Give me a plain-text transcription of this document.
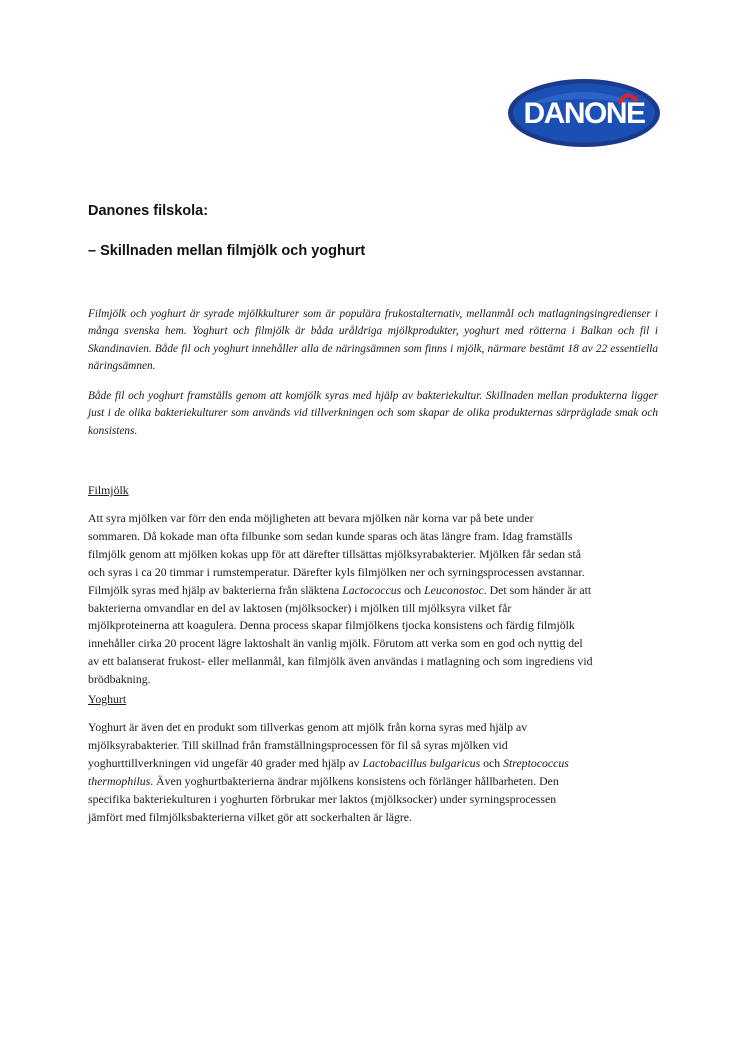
DANONE
Danones filskola:
– Skillnaden mellan filmjölk och yoghurt

Filmjölk och yoghurt är syrade mjölkkulturer som är populära frukostalternativ, mellanmål och matlagningsingredienser i många svenska hem. Yoghurt och filmjölk är båda uråldriga mjölkprodukter, yoghurt med rötterna i Balkan och fil i Skandinavien. Både fil och yoghurt innehåller alla de näringsämnen som finns i mjölk, närmare bestämt 18 av 22 essentiella näringsämnen.

Både fil och yoghurt framställs genom att komjölk syras med hjälp av bakteriekultur. Skillnaden mellan produkterna ligger just i de olika bakteriekulturer som används vid tillverkningen och som skapar de olika produkternas särpräglade smak och konsistens.

Filmjölk

Att syra mjölken var förr den enda möjligheten att bevara mjölken när korna var på bete under
sommaren. Då kokade man ofta filbunke som sedan kunde sparas och ätas längre fram. Idag framställs
filmjölk genom att mjölken kokas upp för att därefter tillsättas mjölksyrabakterier. Mjölken får sedan stå
och syras i ca 20 timmar i rumstemperatur. Därefter kyls filmjölken ner och syrningsprocessen avstannar.
Filmjölk syras med hjälp av bakterierna från släktena Lactococcus och Leuconostoc. Det som händer är att
bakterierna omvandlar en del av laktosen (mjölksocker) i mjölken till mjölksyra vilket får
mjölkproteinerna att koagulera. Denna process skapar filmjölkens tjocka konsistens och färdig filmjölk
innehåller cirka 20 procent lägre laktoshalt än vanlig mjölk. Förutom att verka som en god och nyttig del
av ett balanserat frukost- eller mellanmål, kan filmjölk även användas i matlagning och som ingrediens vid
brödbakning.

Yoghurt

Yoghurt är även det en produkt som tillverkas genom att mjölk från korna syras med hjälp av
mjölksyrabakterier. Till skillnad från framställningsprocessen för fil så syras mjölken vid
yoghurttillverkningen vid ungefär 40 grader med hjälp av Lactobacillus bulgaricus och Streptococcus
thermophilus. Även yoghurtbakterierna ändrar mjölkens konsistens och förlänger hållbarheten. Den
specifika bakteriekulturen i yoghurten förbrukar mer laktos (mjölksocker) under syrningsprocessen
jämfört med filmjölksbakterierna vilket gör att sockerhalten är lägre.
